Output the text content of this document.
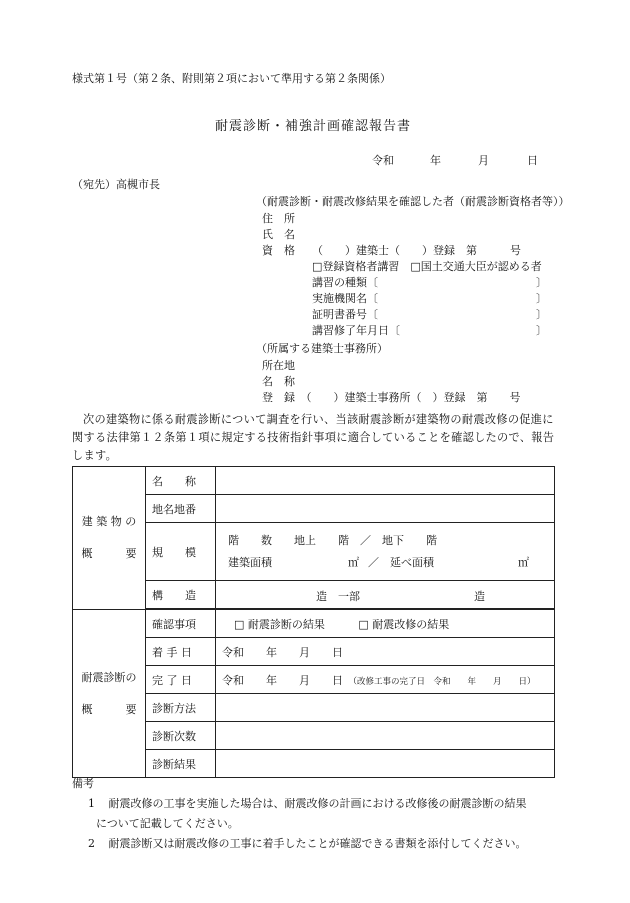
様式第１号（第２条、附則第２項において準用する第２条関係）
耐震診断・補強計画確認報告書
令和	年	月	日
（宛先）高槻市長
（耐震診断・耐震改修結果を確認した者（耐震診断資格者等））
住　所
氏　名
資　格 （　　）建築士（　　）登録　第　　　号
□登録資格者講習　□国土交通大臣が認める者
講習の種類〔	〕
実施機関名〔	〕
証明書番号〔	〕
講習修了年月日〔	〕
（所属する建築士事務所）
所在地
名　称
登　録　（　　）建築士事務所（　）登録　第　　号
次の建築物に係る耐震診断について調査を行い、当該耐震診断が建築物の耐震改修の促進に関する法律第１２条第１項に規定する技術指針事項に適合していることを確認したので、報告します。
建 築 物 の
概　　　要	名　　称	
	地名地番	
	規　　模	階　　数　　地上　　階　／　地下　　階
建築面積 ㎡ ／　延べ面積 ㎡

	構　　造	造　一部 造

耐震診断の
概　　　要	確認事項	□ 耐震診断の結果 □ 耐震改修の結果
	着 手 日	令和　　年　　月　　日
	完 了 日	令和　　年　　月　　日 （改修工事の完了日　令和　　年　　月　　日）
	診断方法	
	診断次数	
	診断結果	
備考
1 耐震改修の工事を実施した場合は、耐震改修の計画における改修後の耐震診断の結果
について記載してください。
2 耐震診断又は耐震改修の工事に着手したことが確認できる書類を添付してください。
